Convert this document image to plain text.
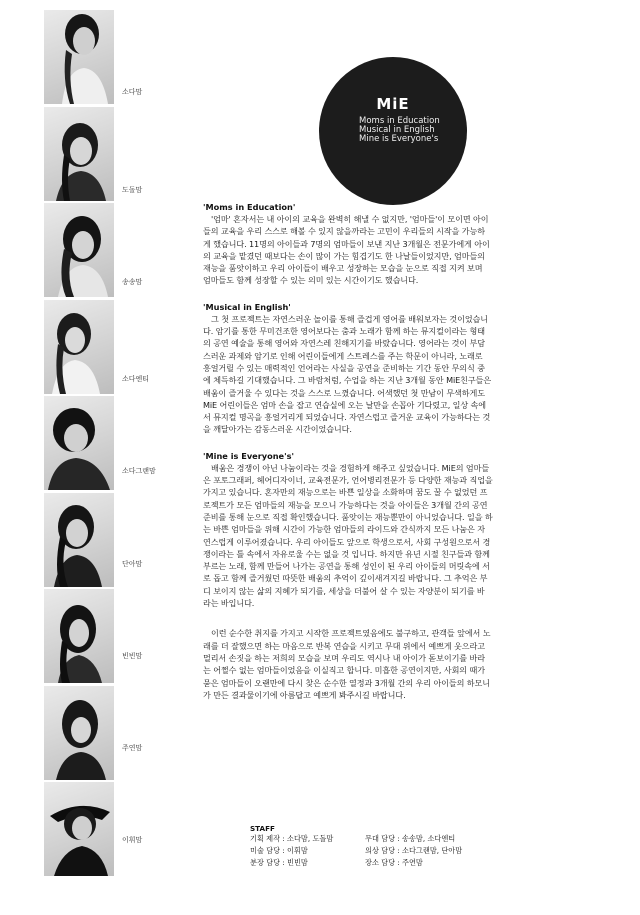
소다맘
도돌맘
송송맘
소다엔티
소다그랜맘
단아맘
빈빈맘
주연맘
이휘맘
MiE
Moms in Education
Musical in English
Mine is Everyone's

'Moms in Education'

'엄마' 혼자서는 내 아이의 교육을 완벽히 해낼 수 없지만, '엄마들'이 모이면 아이

들의 교육을 우리 스스로 해볼 수 있지 않을까라는 고민이 우리들의 시작을 가능하

게 했습니다. 11명의 아이들과 7명의 엄마들이 보낸 지난 3개월은 전문가에게 아이

의 교육을 맡겼던 때보다는 손이 많이 가는 힘겹기도 한 나날들이었지만, 엄마들의

재능을 품앗이하고 우리 아이들이 배우고 성장하는 모습을 눈으로 직접 지켜 보며

엄마들도 함께 성장할 수 있는 의미 있는 시간이기도 했습니다.

'Musical in English'

그 첫 프로젝트는 자연스러운 놀이를 통해 즐겁게 영어를 배워보자는 것이었습니

다. 암기를 통한 무미건조한 영어보다는 춤과 노래가 함께 하는 뮤지컬이라는 형태

의 공연 예술을 통해 영어와 자연스레 친해지기를 바랐습니다. 영어라는 것이 부담

스러운 과제와 암기로 인해 어린이들에게 스트레스를 주는 학문이 아니라, 노래로

흥얼거릴 수 있는 매력적인 언어라는 사실을 공연을 준비하는 기간 동안 무의식 중

에 체득하길 기대했습니다. 그 바람처럼, 수업을 하는 지난 3개월 동안 MiE친구들은

배움이 즐거울 수 있다는 것을 스스로 느꼈습니다. 어색했던 첫 만남이 무색하게도

MiE 어린이들은 엄마 손을 잡고 연습실에 오는 날만을 손꼽아 기다렸고, 일상 속에

서 뮤지컬 명곡을 흥얼거리게 되었습니다. 자연스럽고 즐거운 교육이 가능하다는 것

을 깨달아가는 감동스러운 시간이었습니다.

'Mine is Everyone's'

배움은 경쟁이 아닌 나눔이라는 것을 경험하게 해주고 싶었습니다. MiE의 엄마들

은 포토그래퍼, 헤어디자이너, 교육전문가, 언어병리전문가 등 다양한 재능과 직업을

가지고 있습니다. 혼자만의 재능으로는 바쁜 일상을 소화하며 꿈도 꿀 수 없었던 프

로젝트가 모든 엄마들의 재능을 모으니 가능하다는 것을 아이들은 3개월 간의 공연

준비를 통해 눈으로 직접 확인했습니다. 품앗이는 재능뿐만이 아니었습니다. 일을 하

는 바쁜 엄마들을 위해 시간이 가능한 엄마들의 라이드와 간식까지 모든 나눔은 자

연스럽게 이루어졌습니다. 우리 아이들도 앞으로 학생으로서, 사회 구성원으로서 경

쟁이라는 틀 속에서 자유로울 수는 없을 것 입니다. 하지만 유년 시절 친구들과 함께

부르는 노래, 함께 만들어 나가는 공연을 통해 성인이 된 우리 아이들의 머릿속에 서

로 돕고 함께 즐거웠던 따뜻한 배움의 추억이 깊이새겨지길 바랍니다. 그 추억은 부

디 보이지 않는 삶의 지혜가 되기를, 세상을 더불어 살 수 있는 자양분이 되기를 바

라는 바입니다.

이런 순수한 취지를 가지고 시작한 프로젝트였음에도 불구하고, 관객들 앞에서 노

래를 더 잘했으면 하는 마음으로 반복 연습을 시키고 무대 위에서 예쁘게 웃으라고

멀리서 손짓을 하는 저희의 모습을 보며 우리도 역시나 내 아이가 돋보이기를 바라

는 어쩔수 없는 엄마들이었음을 이실직고 합니다. 미흡한 공연이지만, 사회의 때가

묻은 엄마들이 오랜만에 다시 찾은 순수한 열정과 3개월 간의 우리 아이들의 하모니

가 만든 결과물이기에 아름답고 예쁘게 봐주시길 바랍니다.

STAFF
기획 제작 : 소다맘, 도돌맘	무대 담당 : 송송맘, 소다엔티
미술 담당 : 이휘맘	의상 담당 : 소다그랜맘, 단아맘
분장 담당 : 빈빈맘	장소 담당 : 주연맘
